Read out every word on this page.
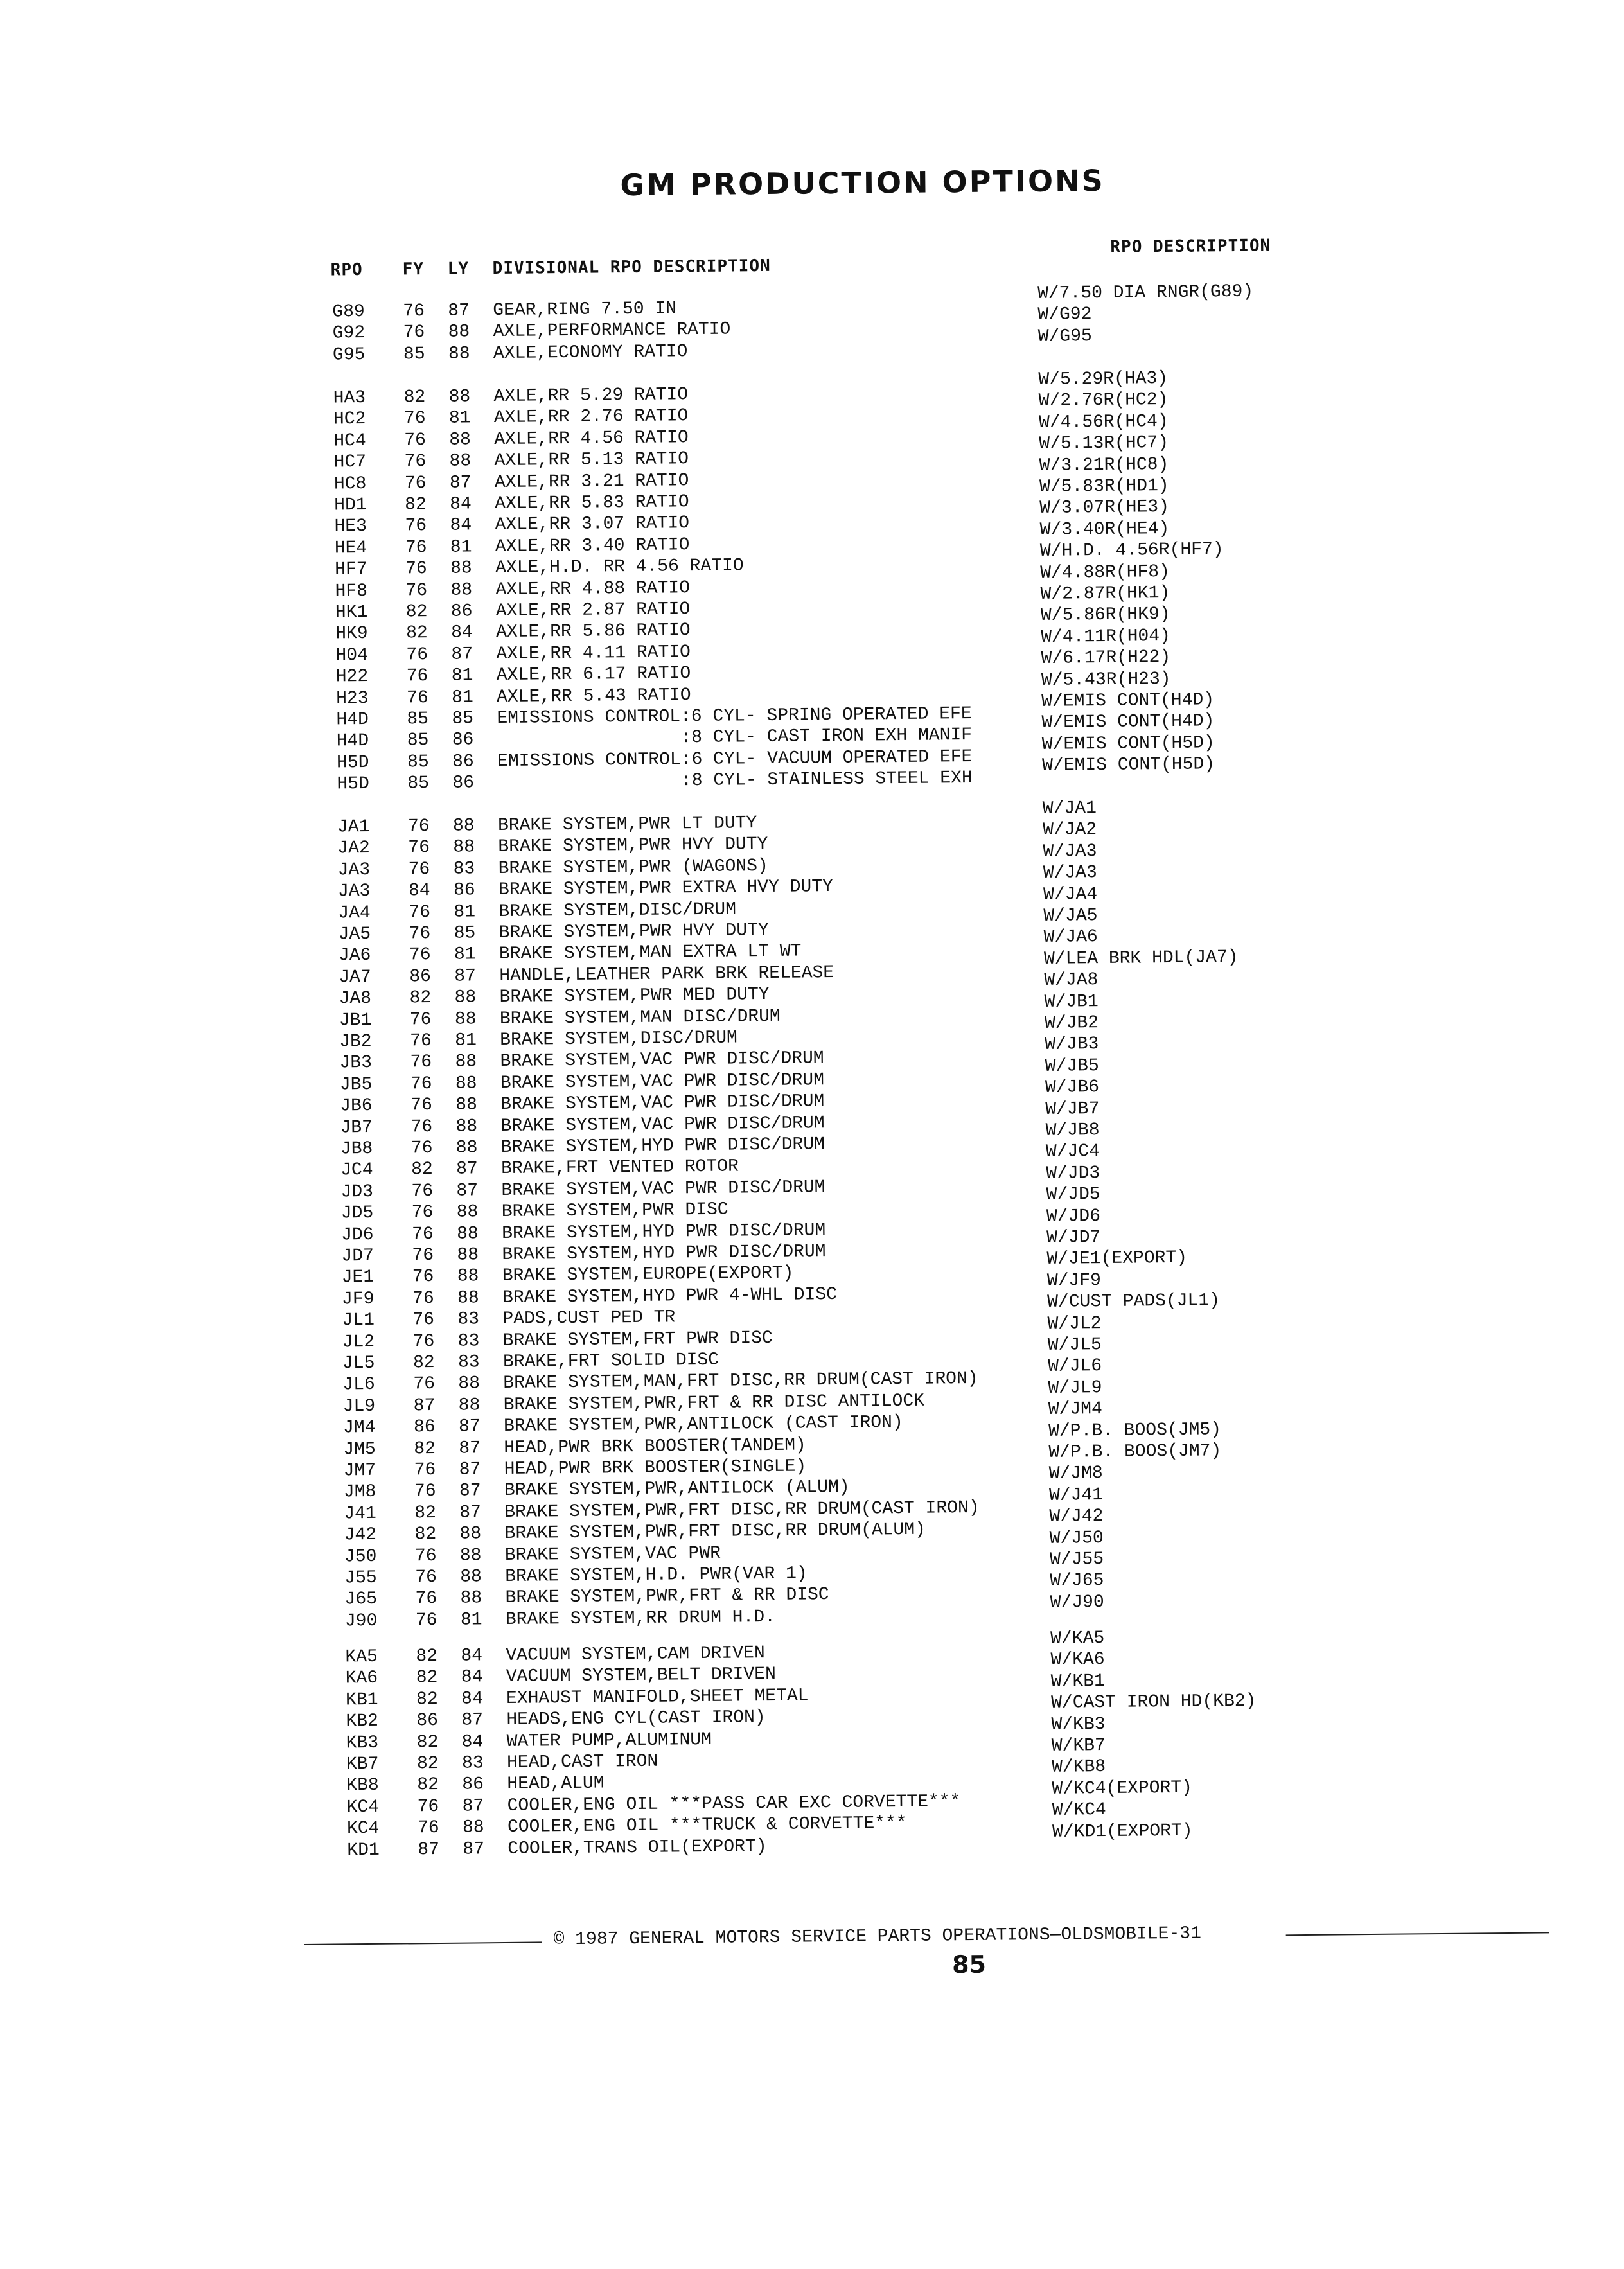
GM PRODUCTION OPTIONS
RPO FY LY DIVISIONAL RPO DESCRIPTION
RPO DESCRIPTION
G89 76 87 GEAR,RING 7.50 IN
W/7.50 DIA RNGR(G89)
G92 76 88 AXLE,PERFORMANCE RATIO
W/G92
G95 85 88 AXLE,ECONOMY RATIO
W/G95
HA3 82 88 AXLE,RR 5.29 RATIO
W/5.29R(HA3)
HC2 76 81 AXLE,RR 2.76 RATIO
W/2.76R(HC2)
HC4 76 88 AXLE,RR 4.56 RATIO
W/4.56R(HC4)
HC7 76 88 AXLE,RR 5.13 RATIO
W/5.13R(HC7)
HC8 76 87 AXLE,RR 3.21 RATIO
W/3.21R(HC8)
HD1 82 84 AXLE,RR 5.83 RATIO
W/5.83R(HD1)
HE3 76 84 AXLE,RR 3.07 RATIO
W/3.07R(HE3)
HE4 76 81 AXLE,RR 3.40 RATIO
W/3.40R(HE4)
HF7 76 88 AXLE,H.D. RR 4.56 RATIO
W/H.D. 4.56R(HF7)
HF8 76 88 AXLE,RR 4.88 RATIO
W/4.88R(HF8)
HK1 82 86 AXLE,RR 2.87 RATIO
W/2.87R(HK1)
HK9 82 84 AXLE,RR 5.86 RATIO
W/5.86R(HK9)
H04 76 87 AXLE,RR 4.11 RATIO
W/4.11R(H04)
H22 76 81 AXLE,RR 6.17 RATIO
W/6.17R(H22)
H23 76 81 AXLE,RR 5.43 RATIO
W/5.43R(H23)
H4D 85 85 EMISSIONS CONTROL:6 CYL- SPRING OPERATED EFE
W/EMIS CONT(H4D)
H4D 85 86 :8 CYL- CAST IRON EXH MANIF
W/EMIS CONT(H4D)
H5D 85 86 EMISSIONS CONTROL:6 CYL- VACUUM OPERATED EFE
W/EMIS CONT(H5D)
H5D 85 86 :8 CYL- STAINLESS STEEL EXH
W/EMIS CONT(H5D)
JA1 76 88 BRAKE SYSTEM,PWR LT DUTY
W/JA1
JA2 76 88 BRAKE SYSTEM,PWR HVY DUTY
W/JA2
JA3 76 83 BRAKE SYSTEM,PWR (WAGONS)
W/JA3
JA3 84 86 BRAKE SYSTEM,PWR EXTRA HVY DUTY
W/JA3
JA4 76 81 BRAKE SYSTEM,DISC/DRUM
W/JA4
JA5 76 85 BRAKE SYSTEM,PWR HVY DUTY
W/JA5
JA6 76 81 BRAKE SYSTEM,MAN EXTRA LT WT
W/JA6
JA7 86 87 HANDLE,LEATHER PARK BRK RELEASE
W/LEA BRK HDL(JA7)
JA8 82 88 BRAKE SYSTEM,PWR MED DUTY
W/JA8
JB1 76 88 BRAKE SYSTEM,MAN DISC/DRUM
W/JB1
JB2 76 81 BRAKE SYSTEM,DISC/DRUM
W/JB2
JB3 76 88 BRAKE SYSTEM,VAC PWR DISC/DRUM
W/JB3
JB5 76 88 BRAKE SYSTEM,VAC PWR DISC/DRUM
W/JB5
JB6 76 88 BRAKE SYSTEM,VAC PWR DISC/DRUM
W/JB6
JB7 76 88 BRAKE SYSTEM,VAC PWR DISC/DRUM
W/JB7
JB8 76 88 BRAKE SYSTEM,HYD PWR DISC/DRUM
W/JB8
JC4 82 87 BRAKE,FRT VENTED ROTOR
W/JC4
JD3 76 87 BRAKE SYSTEM,VAC PWR DISC/DRUM
W/JD3
JD5 76 88 BRAKE SYSTEM,PWR DISC
W/JD5
JD6 76 88 BRAKE SYSTEM,HYD PWR DISC/DRUM
W/JD6
JD7 76 88 BRAKE SYSTEM,HYD PWR DISC/DRUM
W/JD7
JE1 76 88 BRAKE SYSTEM,EUROPE(EXPORT)
W/JE1(EXPORT)
JF9 76 88 BRAKE SYSTEM,HYD PWR 4-WHL DISC
W/JF9
JL1 76 83 PADS,CUST PED TR
W/CUST PADS(JL1)
JL2 76 83 BRAKE SYSTEM,FRT PWR DISC
W/JL2
JL5 82 83 BRAKE,FRT SOLID DISC
W/JL5
JL6 76 88 BRAKE SYSTEM,MAN,FRT DISC,RR DRUM(CAST IRON)
W/JL6
JL9 87 88 BRAKE SYSTEM,PWR,FRT & RR DISC ANTILOCK
W/JL9
JM4 86 87 BRAKE SYSTEM,PWR,ANTILOCK (CAST IRON)
W/JM4
JM5 82 87 HEAD,PWR BRK BOOSTER(TANDEM)
W/P.B. BOOS(JM5)
JM7 76 87 HEAD,PWR BRK BOOSTER(SINGLE)
W/P.B. BOOS(JM7)
JM8 76 87 BRAKE SYSTEM,PWR,ANTILOCK (ALUM)
W/JM8
J41 82 87 BRAKE SYSTEM,PWR,FRT DISC,RR DRUM(CAST IRON)
W/J41
J42 82 88 BRAKE SYSTEM,PWR,FRT DISC,RR DRUM(ALUM)
W/J42
J50 76 88 BRAKE SYSTEM,VAC PWR
W/J50
J55 76 88 BRAKE SYSTEM,H.D. PWR(VAR 1)
W/J55
J65 76 88 BRAKE SYSTEM,PWR,FRT & RR DISC
W/J65
J90 76 81 BRAKE SYSTEM,RR DRUM H.D.
W/J90
KA5 82 84 VACUUM SYSTEM,CAM DRIVEN
W/KA5
KA6 82 84 VACUUM SYSTEM,BELT DRIVEN
W/KA6
KB1 82 84 EXHAUST MANIFOLD,SHEET METAL
W/KB1
KB2 86 87 HEADS,ENG CYL(CAST IRON)
W/CAST IRON HD(KB2)
KB3 82 84 WATER PUMP,ALUMINUM
W/KB3
KB7 82 83 HEAD,CAST IRON
W/KB7
KB8 82 86 HEAD,ALUM
W/KB8
KC4 76 87 COOLER,ENG OIL ***PASS CAR EXC CORVETTE***
W/KC4(EXPORT)
KC4 76 88 COOLER,ENG OIL ***TRUCK & CORVETTE***
W/KC4
KD1 87 87 COOLER,TRANS OIL(EXPORT)
W/KD1(EXPORT)
© 1987 GENERAL MOTORS SERVICE PARTS OPERATIONS—OLDSMOBILE-31
85
